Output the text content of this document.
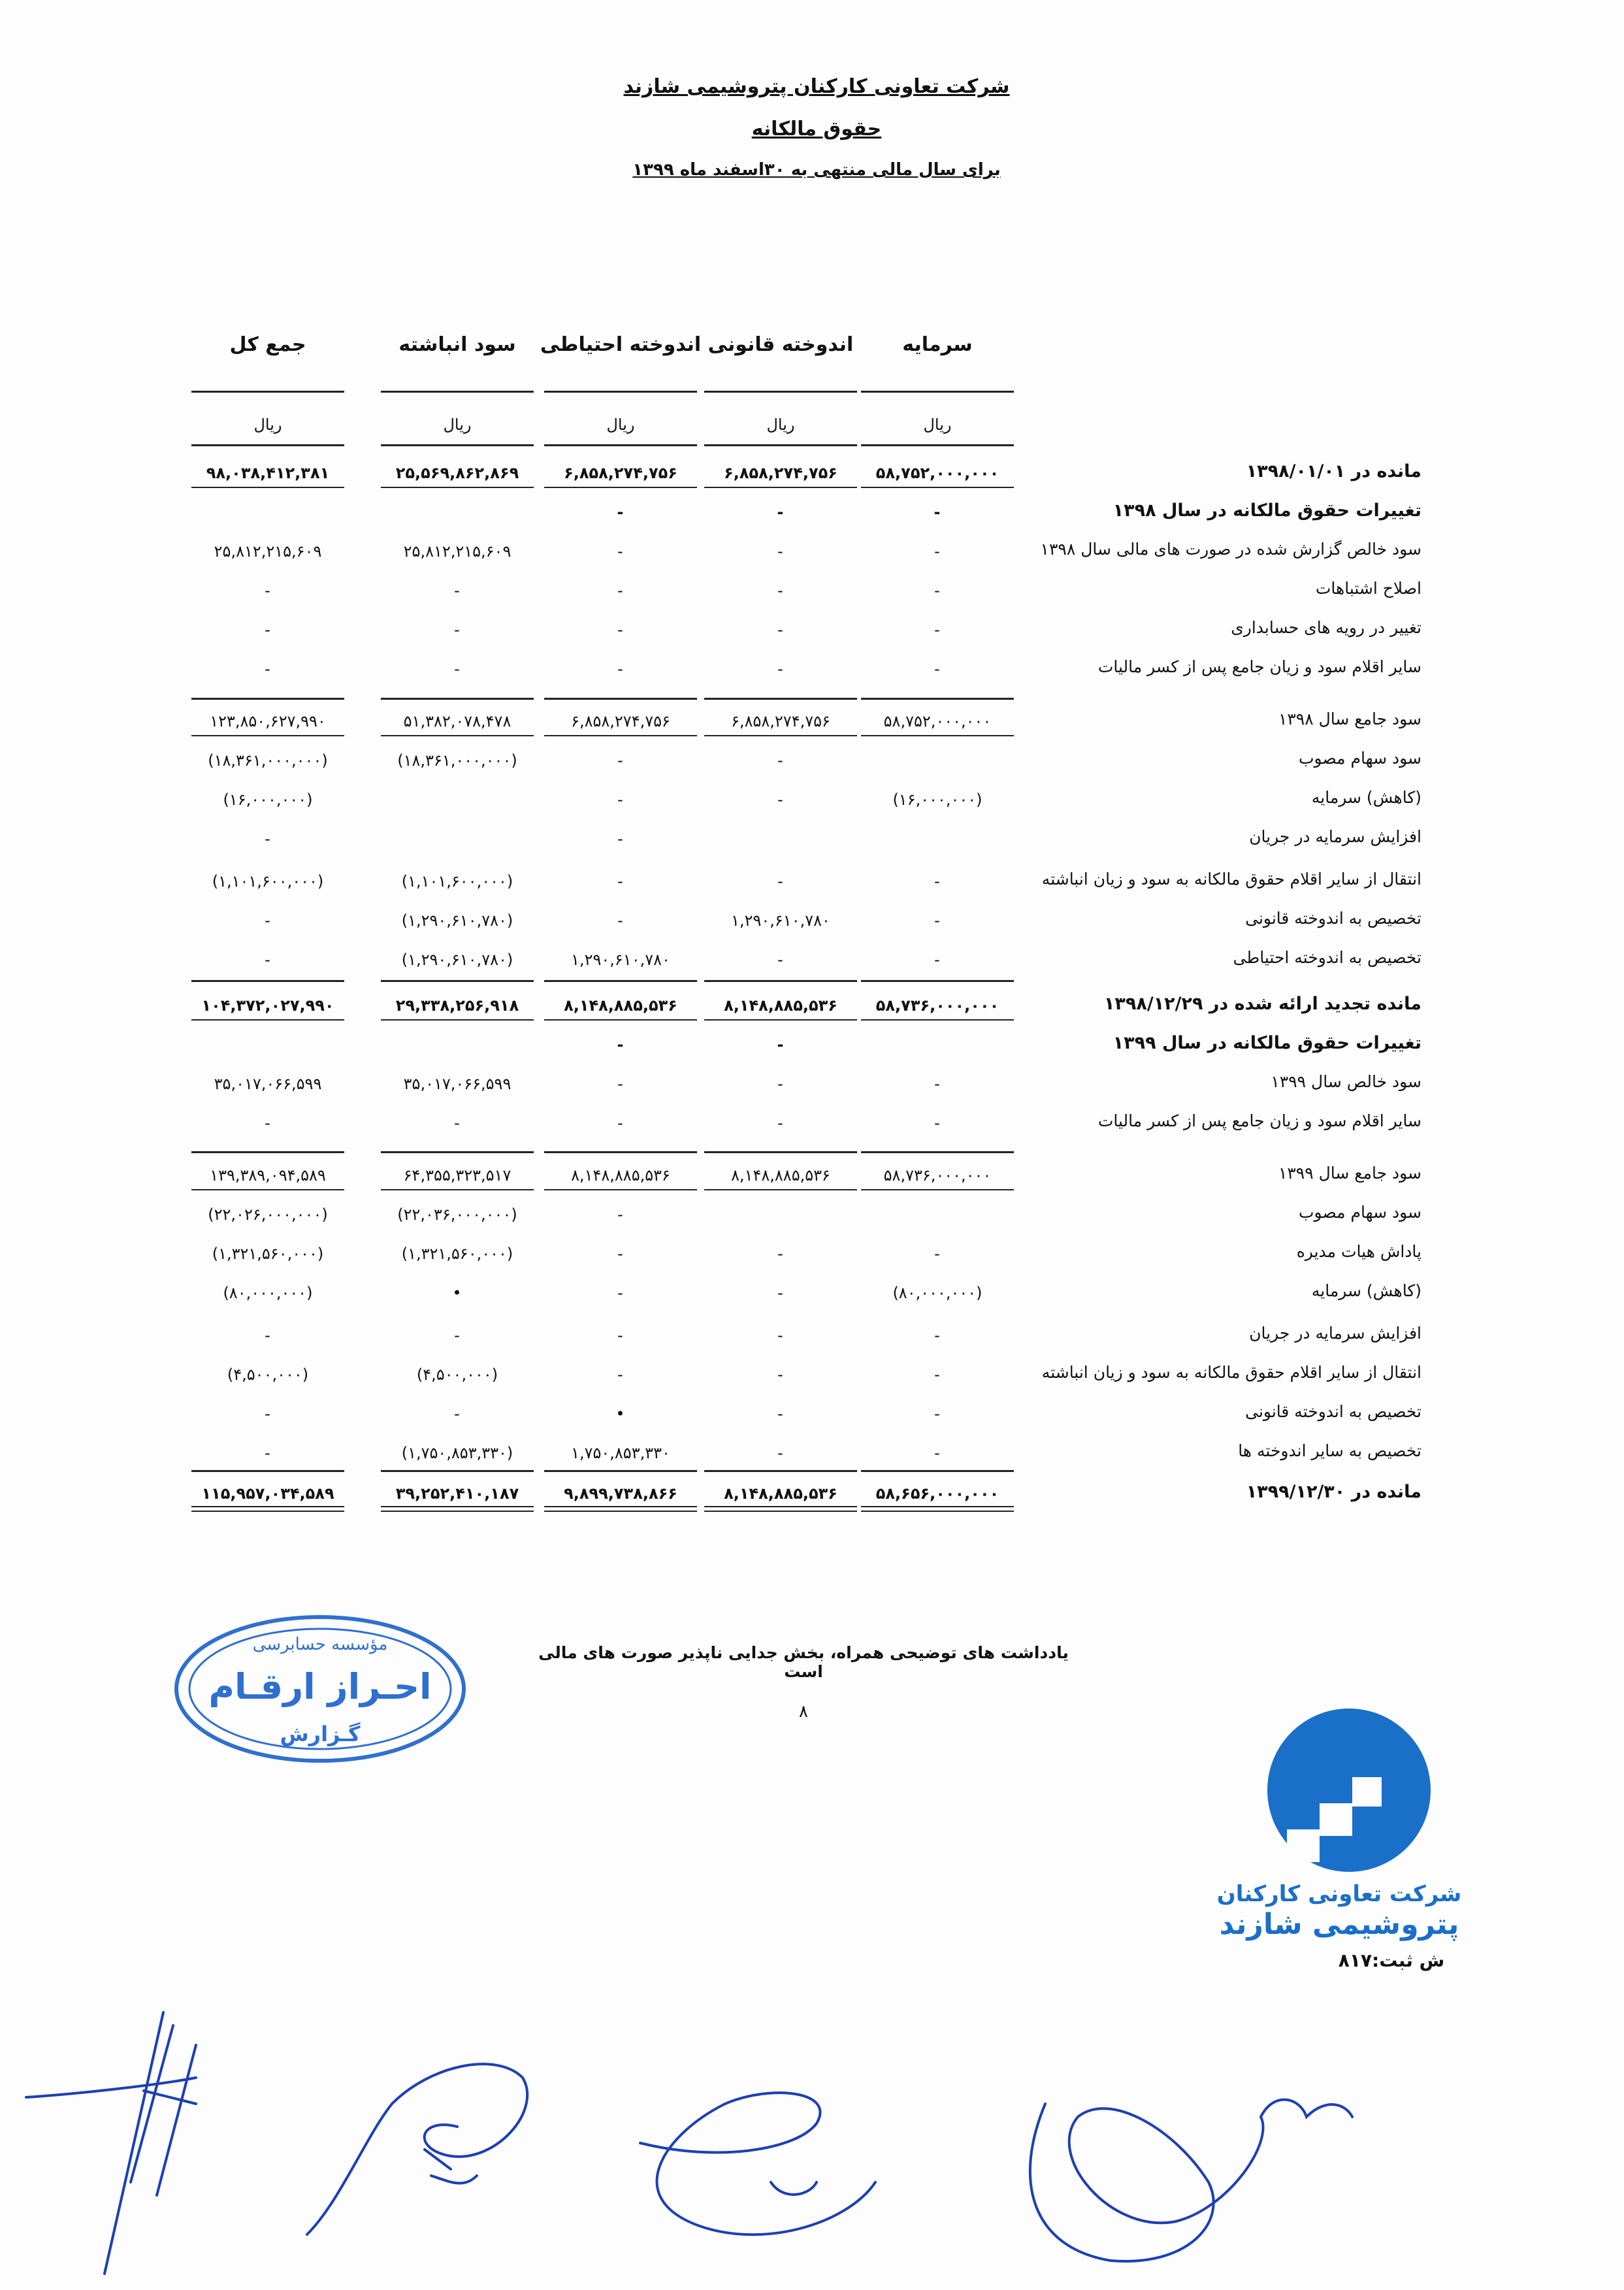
شرکت تعاونی کارکنان پتروشیمی شازند
حقوق مالکانه
برای سال مالی منتهی به ۳۰اسفند ماه ۱۳۹۹
سرمایه
ریال
اندوخته قانونی
ریال
اندوخته احتیاطی
ریال
سود انباشته
ریال
جمع کل
ریال
مانده در ۱۳۹۸/۰۱/۰۱
۵۸,۷۵۲,۰۰۰,۰۰۰
۶,۸۵۸,۲۷۴,۷۵۶
۶,۸۵۸,۲۷۴,۷۵۶
۲۵,۵۶۹,۸۶۲,۸۶۹
۹۸,۰۳۸,۴۱۲,۳۸۱
تغییرات حقوق مالکانه در سال ۱۳۹۸
-
-
-
سود خالص گزارش شده در صورت های مالی سال ۱۳۹۸
-
-
-
۲۵,۸۱۲,۲۱۵,۶۰۹
۲۵,۸۱۲,۲۱۵,۶۰۹
اصلاح اشتباهات
-
-
-
-
-
تغییر در رویه های حسابداری
-
-
-
-
-
سایر اقلام سود و زیان جامع پس از کسر مالیات
-
-
-
-
-
سود جامع سال ۱۳۹۸
۵۸,۷۵۲,۰۰۰,۰۰۰
۶,۸۵۸,۲۷۴,۷۵۶
۶,۸۵۸,۲۷۴,۷۵۶
۵۱,۳۸۲,۰۷۸,۴۷۸
۱۲۳,۸۵۰,۶۲۷,۹۹۰
سود سهام مصوب
-
-
(۱۸,۳۶۱,۰۰۰,۰۰۰)
(۱۸,۳۶۱,۰۰۰,۰۰۰)
(کاهش) سرمایه
(۱۶,۰۰۰,۰۰۰)
-
-
(۱۶,۰۰۰,۰۰۰)
افزایش سرمایه در جریان
-
-
انتقال از سایر اقلام حقوق مالکانه به سود و زیان انباشته
-
-
-
(۱,۱۰۱,۶۰۰,۰۰۰)
(۱,۱۰۱,۶۰۰,۰۰۰)
تخصیص به اندوخته قانونی
-
۱,۲۹۰,۶۱۰,۷۸۰
-
(۱,۲۹۰,۶۱۰,۷۸۰)
-
تخصیص به اندوخته احتیاطی
-
-
۱,۲۹۰,۶۱۰,۷۸۰
(۱,۲۹۰,۶۱۰,۷۸۰)
-
مانده تجدید ارائه شده در ۱۳۹۸/۱۲/۲۹
۵۸,۷۳۶,۰۰۰,۰۰۰
۸,۱۴۸,۸۸۵,۵۳۶
۸,۱۴۸,۸۸۵,۵۳۶
۲۹,۳۳۸,۲۵۶,۹۱۸
۱۰۴,۳۷۲,۰۲۷,۹۹۰
تغییرات حقوق مالکانه در سال ۱۳۹۹
-
-
سود خالص سال ۱۳۹۹
-
-
-
۳۵,۰۱۷,۰۶۶,۵۹۹
۳۵,۰۱۷,۰۶۶,۵۹۹
سایر اقلام سود و زیان جامع پس از کسر مالیات
-
-
-
-
-
سود جامع سال ۱۳۹۹
۵۸,۷۳۶,۰۰۰,۰۰۰
۸,۱۴۸,۸۸۵,۵۳۶
۸,۱۴۸,۸۸۵,۵۳۶
۶۴,۳۵۵,۳۲۳,۵۱۷
۱۳۹,۳۸۹,۰۹۴,۵۸۹
سود سهام مصوب
-
(۲۲,۰۳۶,۰۰۰,۰۰۰)
(۲۲,۰۲۶,۰۰۰,۰۰۰)
پاداش هیات مدیره
-
-
-
(۱,۳۲۱,۵۶۰,۰۰۰)
(۱,۳۲۱,۵۶۰,۰۰۰)
(کاهش) سرمایه
(۸۰,۰۰۰,۰۰۰)
-
-
•
(۸۰,۰۰۰,۰۰۰)
افزایش سرمایه در جریان
-
-
-
-
-
انتقال از سایر اقلام حقوق مالکانه به سود و زیان انباشته
-
-
-
(۴,۵۰۰,۰۰۰)
(۴,۵۰۰,۰۰۰)
تخصیص به اندوخته قانونی
-
-
•
-
-
تخصیص به سایر اندوخته ها
-
-
۱,۷۵۰,۸۵۳,۳۳۰
(۱,۷۵۰,۸۵۳,۳۳۰)
-
مانده در ۱۳۹۹/۱۲/۳۰
۵۸,۶۵۶,۰۰۰,۰۰۰
۸,۱۴۸,۸۸۵,۵۳۶
۹,۸۹۹,۷۳۸,۸۶۶
۳۹,۲۵۲,۴۱۰,۱۸۷
۱۱۵,۹۵۷,۰۳۴,۵۸۹
یادداشت های توضیحی همراه، بخش جدایی ناپذیر صورت های مالی است
۸
مؤسسه حسابرسی
احـراز ارقـام
گـزارش
شرکت تعاونی کارکنان
پتروشیمی شازند
ش ثبت:۸۱۷
